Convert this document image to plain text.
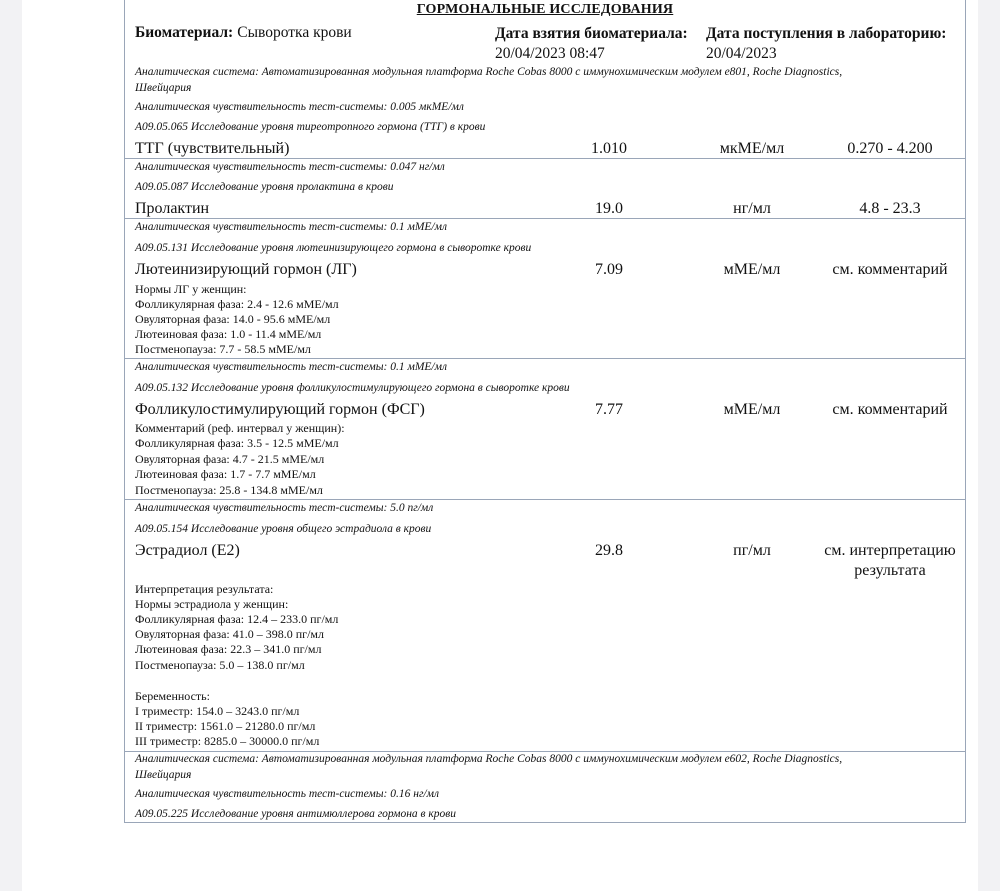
ГОРМОНАЛЬНЫЕ ИССЛЕДОВАНИЯ
Биоматериал: Сыворотка крови	Дата взятия биоматериала:
20/04/2023 08:47
Дата поступления в лабораторию:
20/04/2023
Аналитическая система: Автоматизированная модульная платформа Roche Cobas 8000 с иммунохимическим модулем e801, Roche Diagnostics,
Швейцария
Аналитическая чувствительность тест-системы: 0.005 мкМЕ/мл
A09.05.065 Исследование уровня тиреотропного гормона (ТТГ) в крови
ТТГ (чувствительный)	1.010	мкМЕ/мл	0.270 - 4.200
Аналитическая чувствительность тест-системы: 0.047 нг/мл
A09.05.087 Исследование уровня пролактина в крови
Пролактин	19.0	нг/мл	4.8 - 23.3
Аналитическая чувствительность тест-системы: 0.1 мМЕ/мл
A09.05.131 Исследование уровня лютеинизирующего гормона в сыворотке крови
Лютеинизирующий гормон (ЛГ)	7.09	мМЕ/мл	см. комментарий
Нормы ЛГ у женщин:
Фолликулярная фаза: 2.4 - 12.6 мМЕ/мл
Овуляторная фаза: 14.0 - 95.6 мМЕ/мл
Лютеиновая фаза: 1.0 - 11.4 мМЕ/мл
Постменопауза: 7.7 - 58.5 мМЕ/мл
Аналитическая чувствительность тест-системы: 0.1 мМЕ/мл
A09.05.132 Исследование уровня фолликулостимулирующего гормона в сыворотке крови
Фолликулостимулирующий гормон (ФСГ)	7.77	мМЕ/мл	см. комментарий
Комментарий (реф. интервал у женщин):
Фолликулярная фаза: 3.5 - 12.5 мМЕ/мл
Овуляторная фаза: 4.7 - 21.5 мМЕ/мл
Лютеиновая фаза: 1.7 - 7.7 мМЕ/мл
Постменопауза: 25.8 - 134.8 мМЕ/мл
Аналитическая чувствительность тест-системы: 5.0 пг/мл
A09.05.154 Исследование уровня общего эстрадиола в крови
Эстрадиол (Е2)	29.8	пг/мл	см. интерпретацию
результата
Интерпретация результата:
Нормы эстрадиола у женщин:
Фолликулярная фаза: 12.4 – 233.0 пг/мл
Овуляторная фаза: 41.0 – 398.0 пг/мл
Лютеиновая фаза: 22.3 – 341.0 пг/мл
Постменопауза: 5.0 – 138.0 пг/мл
Беременность:
I триместр: 154.0 – 3243.0 пг/мл
II триместр: 1561.0 – 21280.0 пг/мл
III триместр: 8285.0 – 30000.0 пг/мл
Аналитическая система: Автоматизированная модульная платформа Roche Cobas 8000 с иммунохимическим модулем e602, Roche Diagnostics,
Швейцария
Аналитическая чувствительность тест-системы: 0.16 нг/мл
A09.05.225 Исследование уровня антимюллерова гормона в крови
